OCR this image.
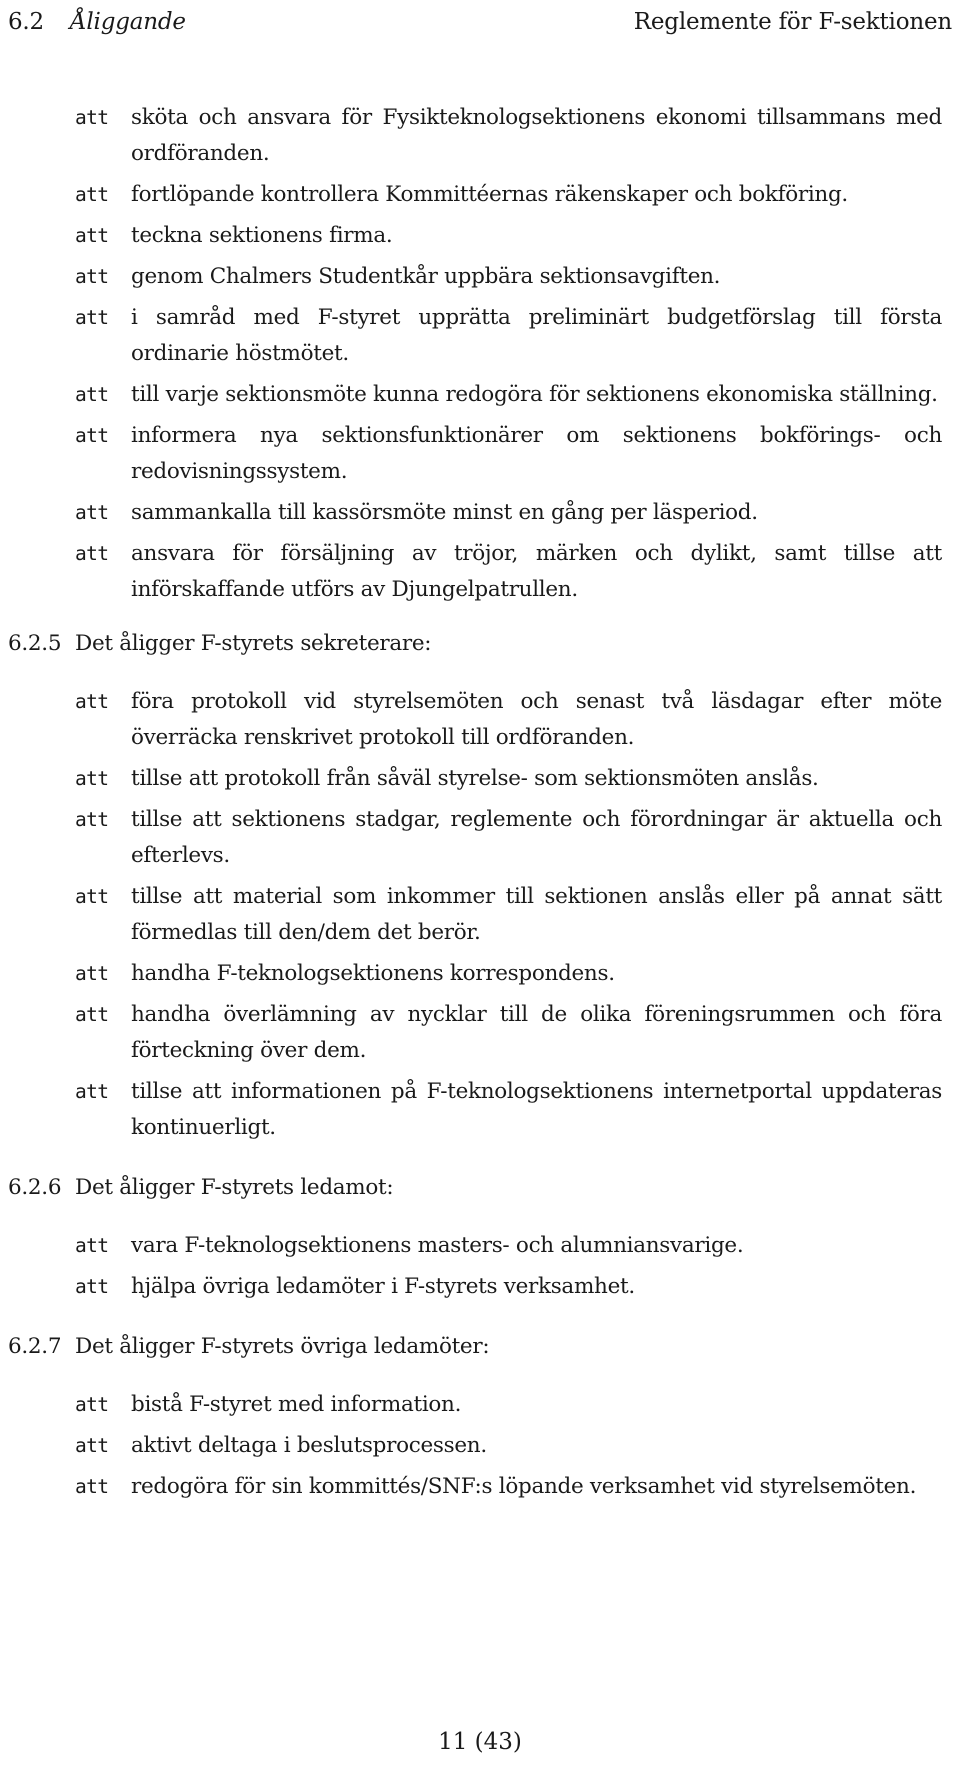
6.2 Åliggande	Reglemente för F-sektionen
att sköta och ansvara för Fysikteknologsektionens ekonomi tillsammans med ordföranden.
att fortlöpande kontrollera Kommittéernas räkenskaper och bokföring.
att teckna sektionens firma.
att genom Chalmers Studentkår uppbära sektionsavgiften.
att i samråd med F-styret upprätta preliminärt budgetförslag till första ordinarie höstmötet.
att till varje sektionsmöte kunna redogöra för sektionens ekonomiska ställning.
att informera nya sektionsfunktionärer om sektionens bokförings- och redovisningssystem.
att sammankalla till kassörsmöte minst en gång per läsperiod.
att ansvara för försäljning av tröjor, märken och dylikt, samt tillse att införskaffande utförs av Djungelpatrullen.
6.2.5 Det åligger F-styrets sekreterare:
att föra protokoll vid styrelsemöten och senast två läsdagar efter möte överräcka renskrivet protokoll till ordföranden.
att tillse att protokoll från såväl styrelse- som sektionsmöten anslås.
att tillse att sektionens stadgar, reglemente och förordningar är aktuella och efterlevs.
att tillse att material som inkommer till sektionen anslås eller på annat sätt förmedlas till den/dem det berör.
att handha F-teknologsektionens korrespondens.
att handha överlämning av nycklar till de olika föreningsrummen och föra förteckning över dem.
att tillse att informationen på F-teknologsektionens internetportal uppdateras kontinuerligt.
6.2.6 Det åligger F-styrets ledamot:
att vara F-teknologsektionens masters- och alumniansvarige.
att hjälpa övriga ledamöter i F-styrets verksamhet.
6.2.7 Det åligger F-styrets övriga ledamöter:
att bistå F-styret med information.
att aktivt deltaga i beslutsprocessen.
att redogöra för sin kommittés/SNF:s löpande verksamhet vid styrelsemöten.
11 (43)
